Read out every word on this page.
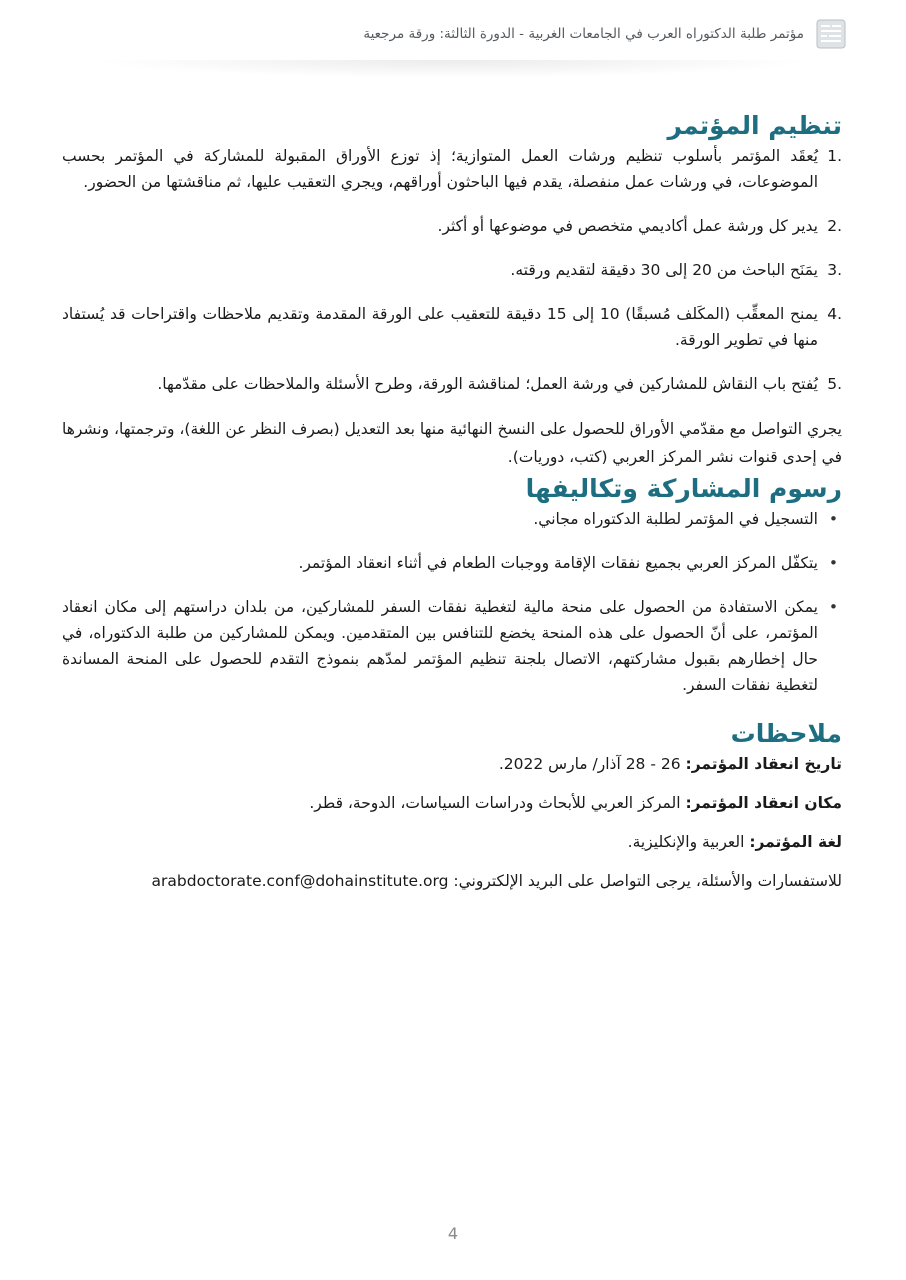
مؤتمر طلبة الدكتوراه العرب في الجامعات الغربية - الدورة الثالثة: ورقة مرجعية
تنظيم المؤتمر
.1
يُعقَد المؤتمر بأسلوب تنظيم ورشات العمل المتوازية؛ إذ توزع الأوراق المقبولة للمشاركة في المؤتمر بحسب الموضوعات، في ورشات عمل منفصلة، يقدم فيها الباحثون أوراقهم، ويجري التعقيب عليها، ثم مناقشتها من الحضور.
.2
يدير كل ورشة عمل أكاديمي متخصص في موضوعها أو أكثر.
.3
يمَنَح الباحث من 20 إلى 30 دقيقة لتقديم ورقته.
.4
يمنح المعقِّب (المكَلف مُسبقًا) 10 إلى 15 دقيقة للتعقيب على الورقة المقدمة وتقديم ملاحظات واقتراحات قد يُستفاد منها في تطوير الورقة.
.5
يُفتح باب النقاش للمشاركين في ورشة العمل؛ لمناقشة الورقة، وطرح الأسئلة والملاحظات على مقدّمها.

يجري التواصل مع مقدّمي الأوراق للحصول على النسخ النهائية منها بعد التعديل (بصرف النظر عن اللغة)، وترجمتها، ونشرها في إحدى قنوات نشر المركز العربي (كتب، دوريات).

رسوم المشاركة وتكاليفها
• التسجيل في المؤتمر لطلبة الدكتوراه مجاني.
• يتكفّل المركز العربي بجميع نفقات الإقامة ووجبات الطعام في أثناء انعقاد المؤتمر.
• يمكن الاستفادة من الحصول على منحة مالية لتغطية نفقات السفر للمشاركين، من بلدان دراستهم إلى مكان انعقاد المؤتمر، على أنّ الحصول على هذه المنحة يخضع للتنافس بين المتقدمين. ويمكن للمشاركين من طلبة الدكتوراه، في حال إخطارهم بقبول مشاركتهم، الاتصال بلجنة تنظيم المؤتمر لمدّهم بنموذج التقدم للحصول على المنحة المساندة لتغطية نفقات السفر.
ملاحظات
تاريخ انعقاد المؤتمر: 26 - 28 آذار/ مارس 2022.
مكان انعقاد المؤتمر: المركز العربي للأبحاث ودراسات السياسات، الدوحة، قطر.
لغة المؤتمر: العربية والإنكليزية.
للاستفسارات والأسئلة، يرجى التواصل على البريد الإلكتروني: arabdoctorate.conf@dohainstitute.org
4
